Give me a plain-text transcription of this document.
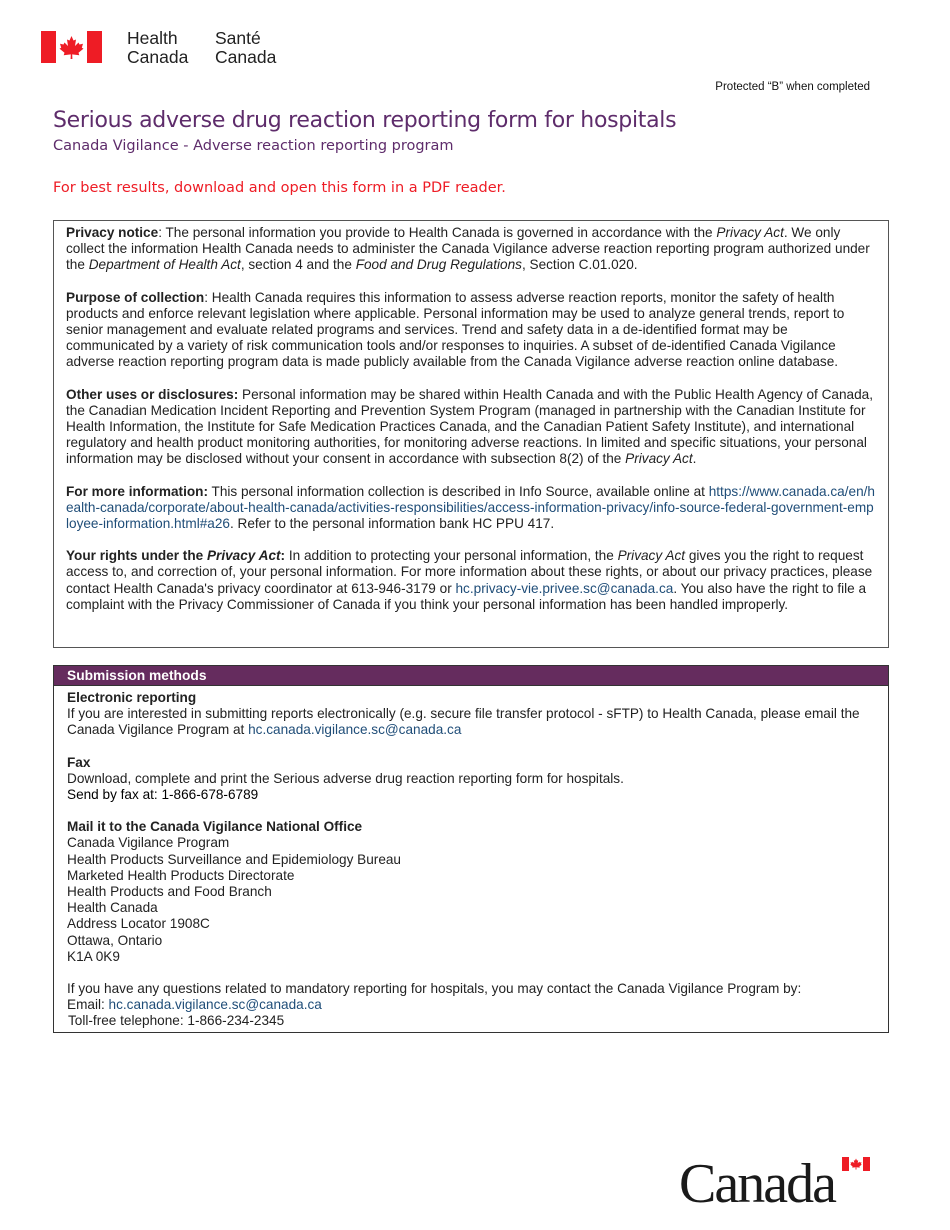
Health
Canada
Santé
Canada
Protected “B” when completed
Serious adverse drug reaction reporting form for hospitals
Canada Vigilance - Adverse reaction reporting program
For best results, download and open this form in a PDF reader.

Privacy notice: The personal information you provide to Health Canada is governed in accordance with the Privacy Act. We only collect the information Health Canada needs to administer the Canada Vigilance adverse reaction reporting program authorized under the Department of Health Act, section 4 and the Food and Drug Regulations, Section C.01.020.

Purpose of collection: Health Canada requires this information to assess adverse reaction reports, monitor the safety of health products and enforce relevant legislation where applicable. Personal information may be used to analyze general trends, report to senior management and evaluate related programs and services. Trend and safety data in a de-identified format may be communicated by a variety of risk communication tools and/or responses to inquiries. A subset of de-identified Canada Vigilance adverse reaction reporting program data is made publicly available from the Canada Vigilance adverse reaction online database.

Other uses or disclosures: Personal information may be shared within Health Canada and with the Public Health Agency of Canada, the Canadian Medication Incident Reporting and Prevention System Program (managed in partnership with the Canadian Institute for Health Information, the Institute for Safe Medication Practices Canada, and the Canadian Patient Safety Institute), and international regulatory and health product monitoring authorities, for monitoring adverse reactions. In limited and specific situations, your personal information may be disclosed without your consent in accordance with subsection 8(2) of the Privacy Act.

For more information: This personal information collection is described in Info Source, available online at https://www.canada.ca/en/health-canada/corporate/about-health-canada/activities-responsibilities/access-information-privacy/info-source-federal-government-employee-information.html#a26. Refer to the personal information bank HC PPU 417.

Your rights under the Privacy Act: In addition to protecting your personal information, the Privacy Act gives you the right to request access to, and correction of, your personal information. For more information about these rights, or about our privacy practices, please contact Health Canada's privacy coordinator at 613-946-3179 or hc.privacy-vie.privee.sc@canada.ca. You also have the right to file a complaint with the Privacy Commissioner of Canada if you think your personal information has been handled improperly.

Submission methods
Electronic reporting
If you are interested in submitting reports electronically (e.g. secure file transfer protocol - sFTP) to Health Canada, please email the Canada Vigilance Program at hc.canada.vigilance.sc@canada.ca
Fax
Download, complete and print the Serious adverse drug reaction reporting form for hospitals.
Send by fax at: 1-866-678-6789
Mail it to the Canada Vigilance National Office
Canada Vigilance Program
Health Products Surveillance and Epidemiology Bureau
Marketed Health Products Directorate
Health Products and Food Branch
Health Canada
Address Locator 1908C
Ottawa, Ontario
K1A 0K9
If you have any questions related to mandatory reporting for hospitals, you may contact the Canada Vigilance Program by:
Email: hc.canada.vigilance.sc@canada.ca
Toll-free telephone: 1-866-234-2345
Canada
